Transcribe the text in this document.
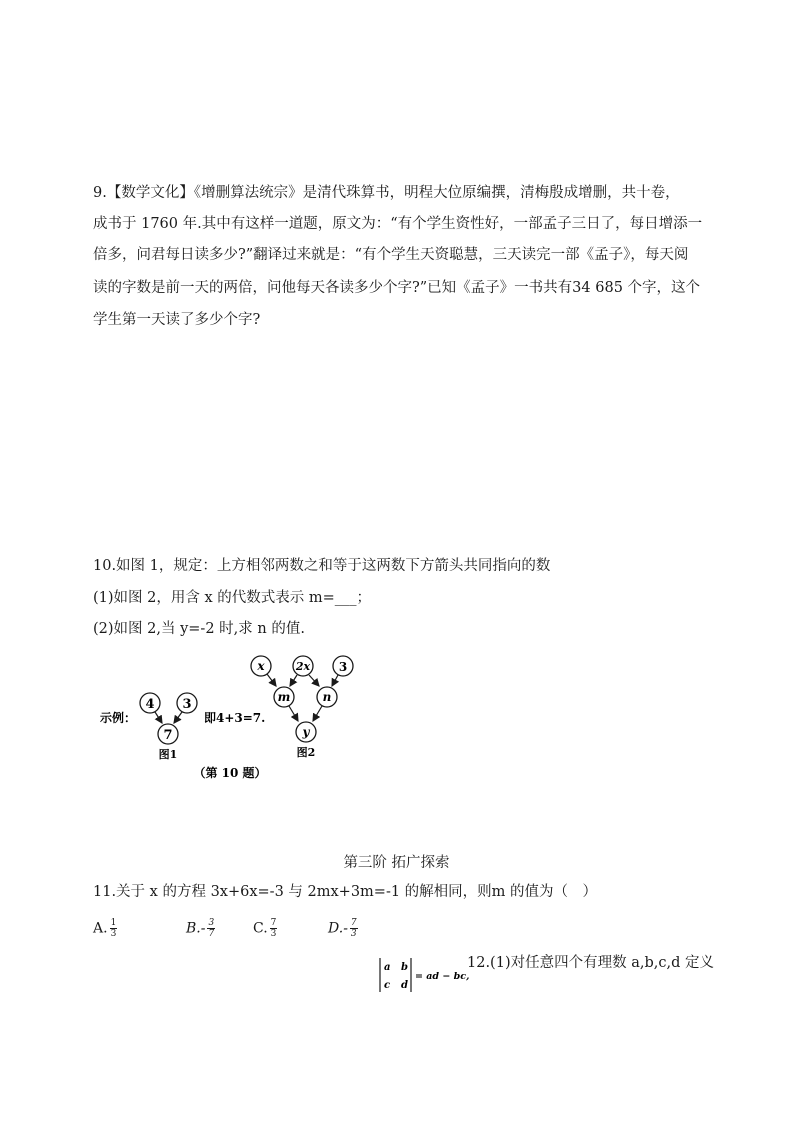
9.【数学文化】《增删算法统宗》是清代珠算书，明程大位原编撰，清梅殷成增删，共十卷，
成书于 1760 年.其中有这样一道题，原文为：“有个学生资性好，一部孟子三日了，每日增添一
倍多，问君每日读多少?”翻译过来就是：“有个学生天资聪慧，三天读完一部《孟子》，每天阅
读的字数是前一天的两倍，问他每天各读多少个字?”已知《孟子》一书共有34 685 个字，这个
学生第一天读了多少个字?
10.如图 1，规定：上方相邻两数之和等于这两数下方箭头共同指向的数
(1)如图 2，用含 x 的代数式表示 m=___；
(2)如图 2,当 y=-2 时,求 n 的值.
示例：
4 3
7
图1
即4+3=7.
x	2x 3
m	n
y
图2
（第 10 题）
第三阶 拓广探索
11.关于 x 的方程 3x+6x=-3 与 2mx+3m=-1 的解相同，则m 的值为（　）
A. $\frac{1}{3}$	$B.- \frac{3}{7}$	C. $\frac{7}{3}$	$D.- \frac{7}{3}$
a b
c d
= ad − bc,
12.(1)对任意四个有理数 a,b,c,d 定义
